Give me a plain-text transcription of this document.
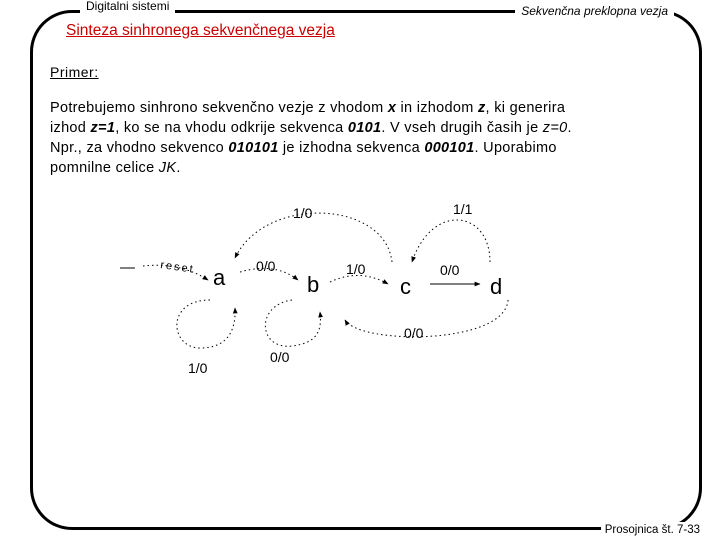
Digitalni sistemi	Sekvenčna preklopna vezja
Sinteza sinhronega sekvenčnega vezja
Primer:

Potrebujemo sinhrono sekvenčno vezje z vhodom x in izhodom z, ki generira

izhod z=1, ko se na vhodu odkrije sekvenca 0101. V vseh drugih časih je z=0.

Npr., za vhodno sekvenco 010101 je izhodna sekvenca 000101. Uporabimo

pomnilne celice JK.

reset a	b	c	d
1/0
0/0
0/0
1/0
1/0
0/0
1/1
0/0
Prosojnica št. 7-33
